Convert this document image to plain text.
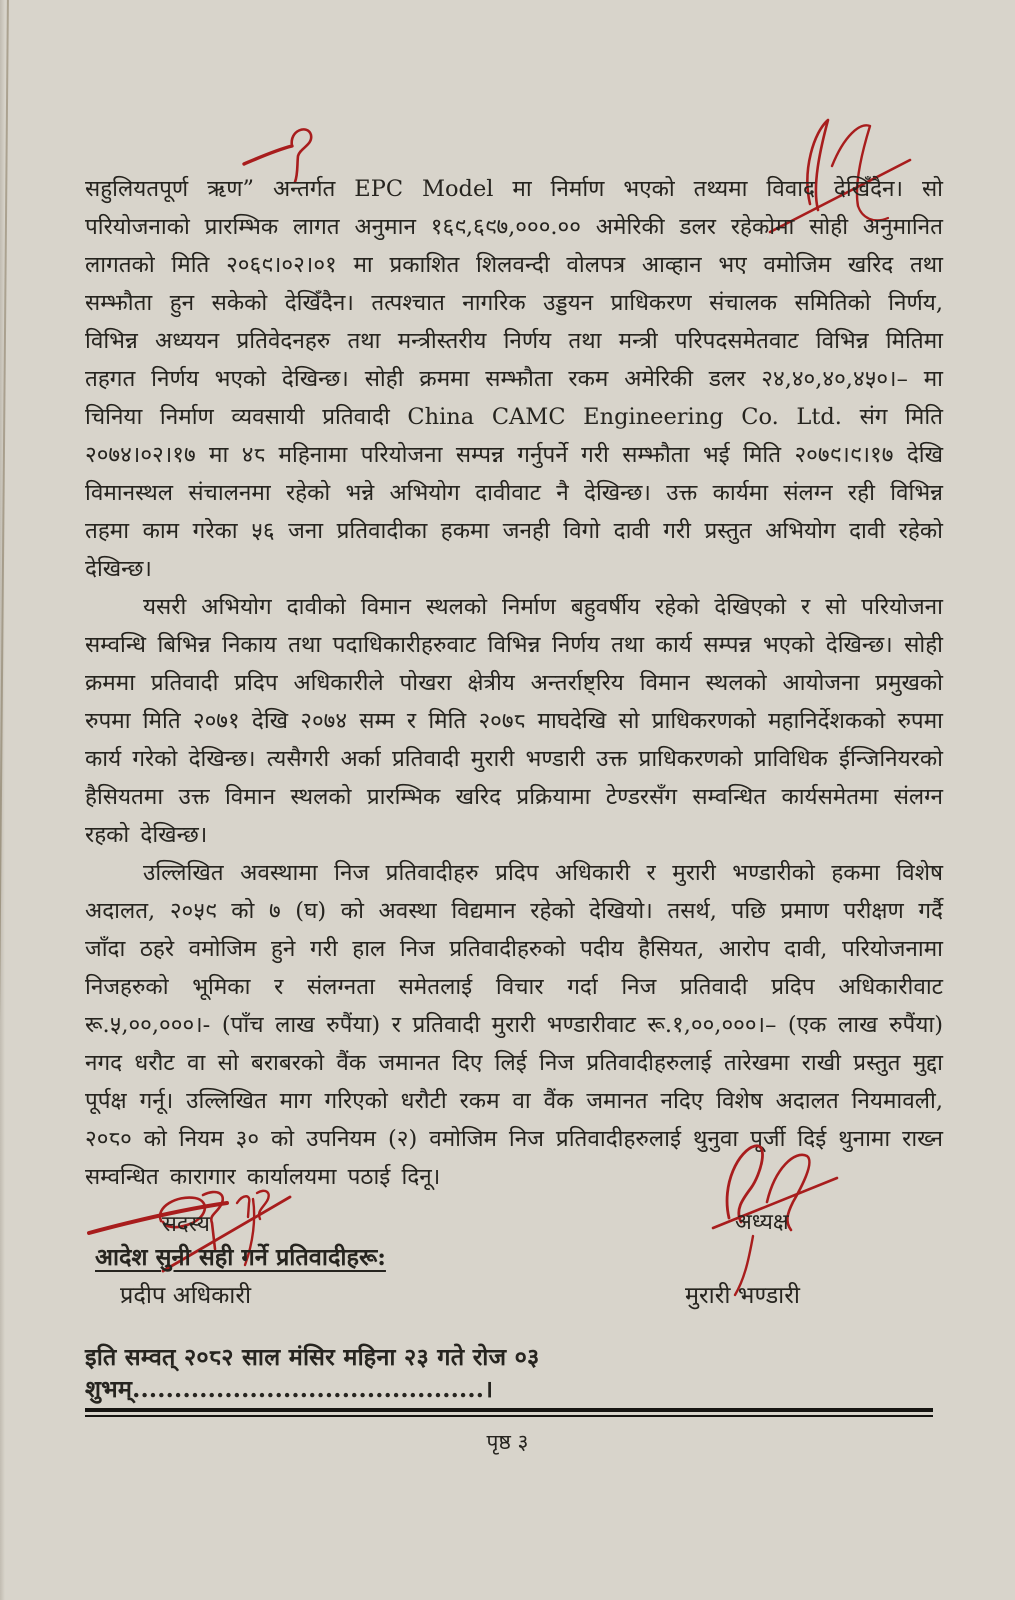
सहुलियतपूर्ण ऋण” अन्तर्गत EPC Model मा निर्माण भएको तथ्यमा विवाद देखिँदैन। सो परियोजनाको प्रारम्भिक लागत अनुमान १६९,६९७,०००.०० अमेरिकी डलर रहेकोमा सोही अनुमानित लागतको मिति २०६९।०२।०१ मा प्रकाशित शिलवन्दी वोलपत्र आव्हान भए वमोजिम खरिद तथा सम्झौता हुन सकेको देखिँदैन। तत्पश्चात नागरिक उड्डयन प्राधिकरण संचालक समितिको निर्णय, विभिन्न अध्ययन प्रतिवेदनहरु तथा मन्त्रीस्तरीय निर्णय तथा मन्त्री परिपदसमेतवाट विभिन्न मितिमा तहगत निर्णय भएको देखिन्छ। सोही क्रममा सम्झौता रकम अमेरिकी डलर २४,४०,४०,४५०।– मा चिनिया निर्माण व्यवसायी प्रतिवादी China CAMC Engineering Co. Ltd. संग मिति २०७४।०२।१७ मा ४८ महिनामा परियोजना सम्पन्न गर्नुपर्ने गरी सम्झौता भई मिति २०७९।९।१७ देखि विमानस्थल संचालनमा रहेको भन्ने अभियोग दावीवाट नै देखिन्छ। उक्त कार्यमा संलग्न रही विभिन्न तहमा काम गरेका ५६ जना प्रतिवादीका हकमा जनही विगो दावी गरी प्रस्तुत अभियोग दावी रहेको देखिन्छ।

यसरी अभियोग दावीको विमान स्थलको निर्माण बहुवर्षीय रहेको देखिएको र सो परियोजना सम्वन्धि बिभिन्न निकाय तथा पदाधिकारीहरुवाट विभिन्न निर्णय तथा कार्य सम्पन्न भएको देखिन्छ। सोही क्रममा प्रतिवादी प्रदिप अधिकारीले पोखरा क्षेत्रीय अन्तर्राष्ट्रिय विमान स्थलको आयोजना प्रमुखको रुपमा मिति २०७१ देखि २०७४ सम्म र मिति २०७८ माघदेखि सो प्राधिकरणको महानिर्देशकको रुपमा कार्य गरेको देखिन्छ। त्यसैगरी अर्का प्रतिवादी मुरारी भण्डारी उक्त प्राधिकरणको प्राविधिक ईन्जिनियरको हैसियतमा उक्त विमान स्थलको प्रारम्भिक खरिद प्रक्रियामा टेण्डरसँग सम्वन्धित कार्यसमेतमा संलग्न रहको देखिन्छ।

उल्लिखित अवस्थामा निज प्रतिवादीहरु प्रदिप अधिकारी र मुरारी भण्डारीको हकमा विशेष अदालत, २०५९ को ७ (घ) को अवस्था विद्यमान रहेको देखियो। तसर्थ, पछि प्रमाण परीक्षण गर्दै जाँदा ठहरे वमोजिम हुने गरी हाल निज प्रतिवादीहरुको पदीय हैसियत, आरोप दावी, परियोजनामा निजहरुको भूमिका र संलग्नता समेतलाई विचार गर्दा निज प्रतिवादी प्रदिप अधिकारीवाट रू.५,००,०००।- (पाँच लाख रुपैंया) र प्रतिवादी मुरारी भण्डारीवाट रू.१,००,०००।– (एक लाख रुपैंया) नगद धरौट वा सो बराबरको वैंक जमानत दिए लिई निज प्रतिवादीहरुलाई तारेखमा राखी प्रस्तुत मुद्दा पूर्पक्ष गर्नू। उल्लिखित माग गरिएको धरौटी रकम वा वैंक जमानत नदिए विशेष अदालत नियमावली, २०८० को नियम ३० को उपनियम (२) वमोजिम निज प्रतिवादीहरुलाई थुनुवा पूर्जी दिई थुनामा राख्न सम्वन्धित कारागार कार्यालयमा पठाई दिनू।

सदस्य	अध्यक्ष
आदेश सुनी सही गर्ने प्रतिवादीहरू:
प्रदीप अधिकारी	मुरारी भण्डारी
इति सम्वत् २०८२ साल मंसिर महिना २३ गते रोज ०३ शुभम्..........................................।
पृष्ठ ३
